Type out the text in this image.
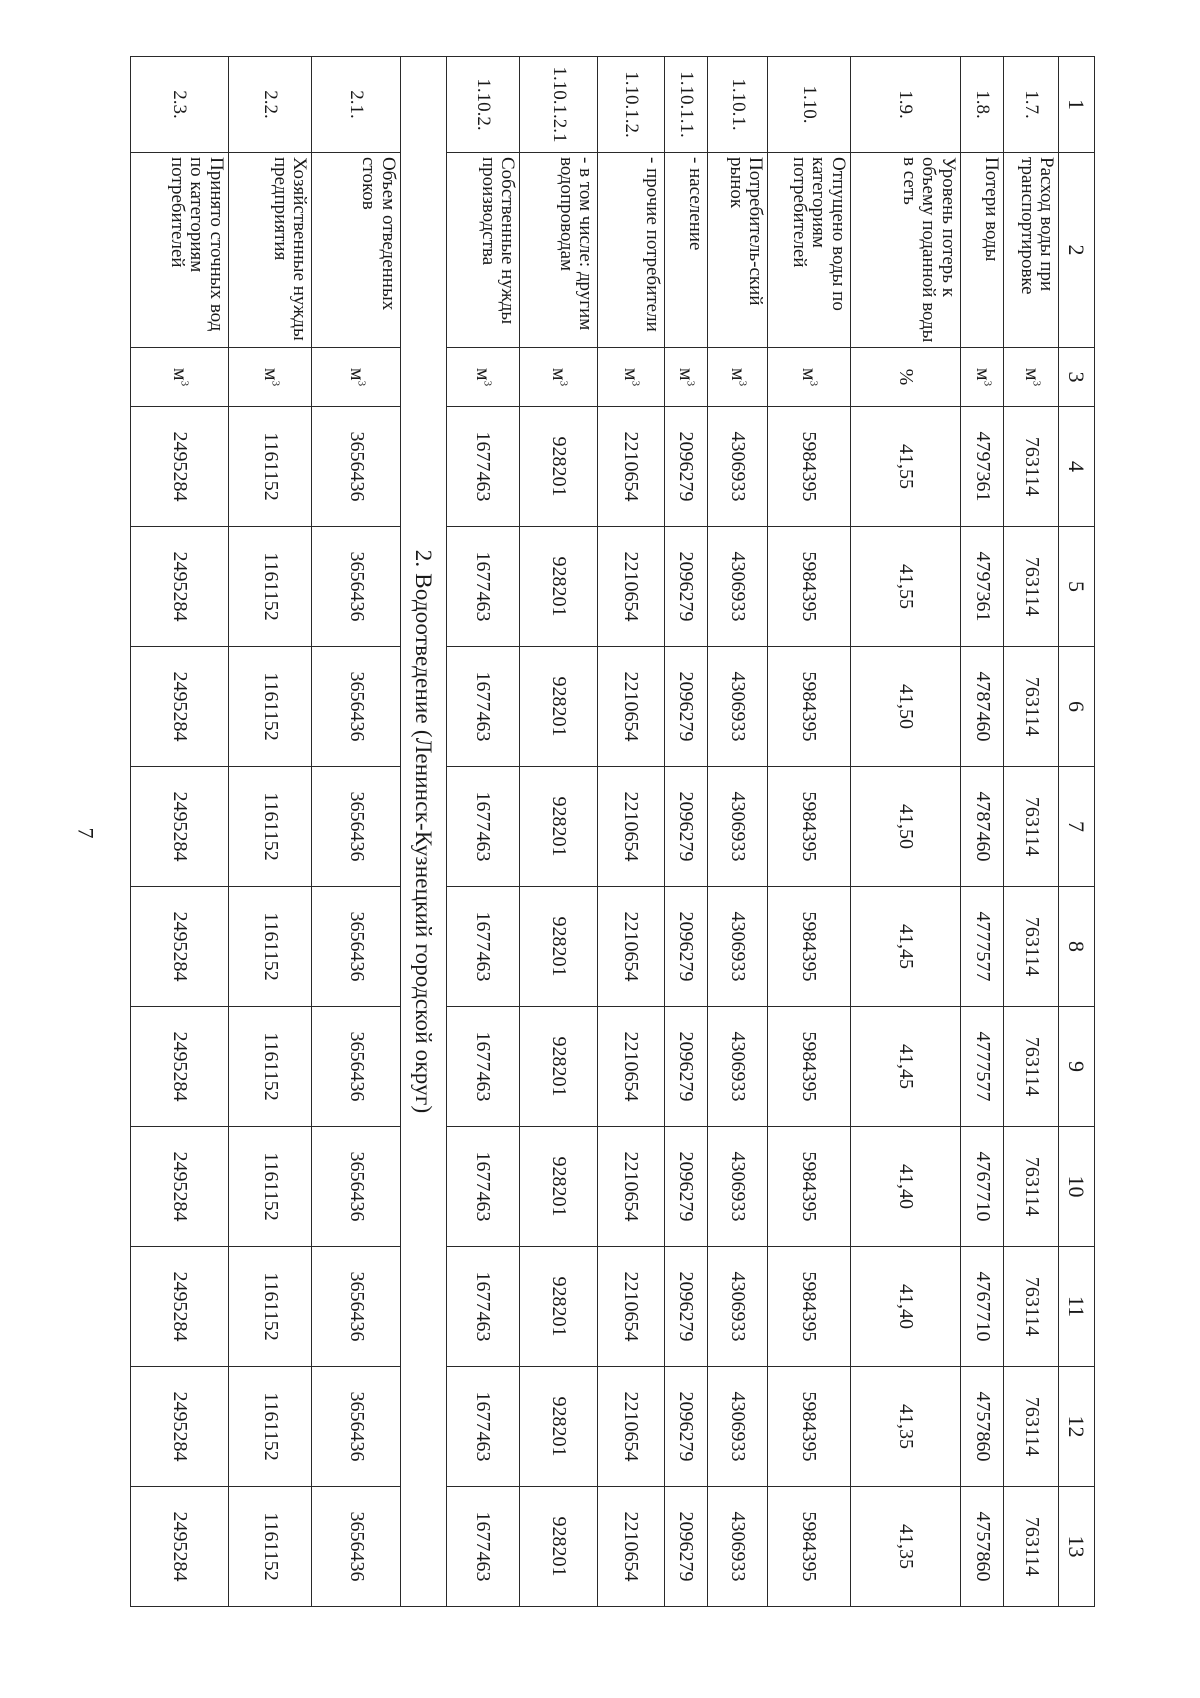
7
1	2	3	4	5	6	7	8	9	10	11	12	13
1.7.	Расход воды при транспортировке	$м^3$	763114	763114	763114	763114	763114	763114	763114	763114	763114	763114
1.8.	Потери воды	$м^3$	4797361	4797361	4787460	4787460	4777577	4777577	4767710	4767710	4757860	4757860
1.9.	Уровень потерь к объему поданной воды в сеть	%	41,55	41,55	41,50	41,50	41,45	41,45	41,40	41,40	41,35	41,35
1.10.	Отпущено воды по категориям потребителей	$м^3$	5984395	5984395	5984395	5984395	5984395	5984395	5984395	5984395	5984395	5984395
1.10.1.	Потребитель-ский рынок	$м^3$	4306933	4306933	4306933	4306933	4306933	4306933	4306933	4306933	4306933	4306933
1.10.1.1.	- население	$м^3$	2096279	2096279	2096279	2096279	2096279	2096279	2096279	2096279	2096279	2096279
1.10.1.2.	- прочие потребители	$м^3$	2210654	2210654	2210654	2210654	2210654	2210654	2210654	2210654	2210654	2210654
1.10.1.2.1	- в том числе: другим водопроводам	$м^3$	928201	928201	928201	928201	928201	928201	928201	928201	928201	928201
1.10.2.	Собственные нужды производства	$м^3$	1677463	1677463	1677463	1677463	1677463	1677463	1677463	1677463	1677463	1677463
2. Водоотведение (Ленинск-Кузнецкий городской округ)												
2.1.	Объем отведенных стоков	$м^3$	3656436	3656436	3656436	3656436	3656436	3656436	3656436	3656436	3656436	3656436
2.2.	Хозяйственные нужды предприятия	$м^3$	1161152	1161152	1161152	1161152	1161152	1161152	1161152	1161152	1161152	1161152
2.3.	Принято сточных вод по категориям потребителей	$м^3$	2495284	2495284	2495284	2495284	2495284	2495284	2495284	2495284	2495284	2495284
